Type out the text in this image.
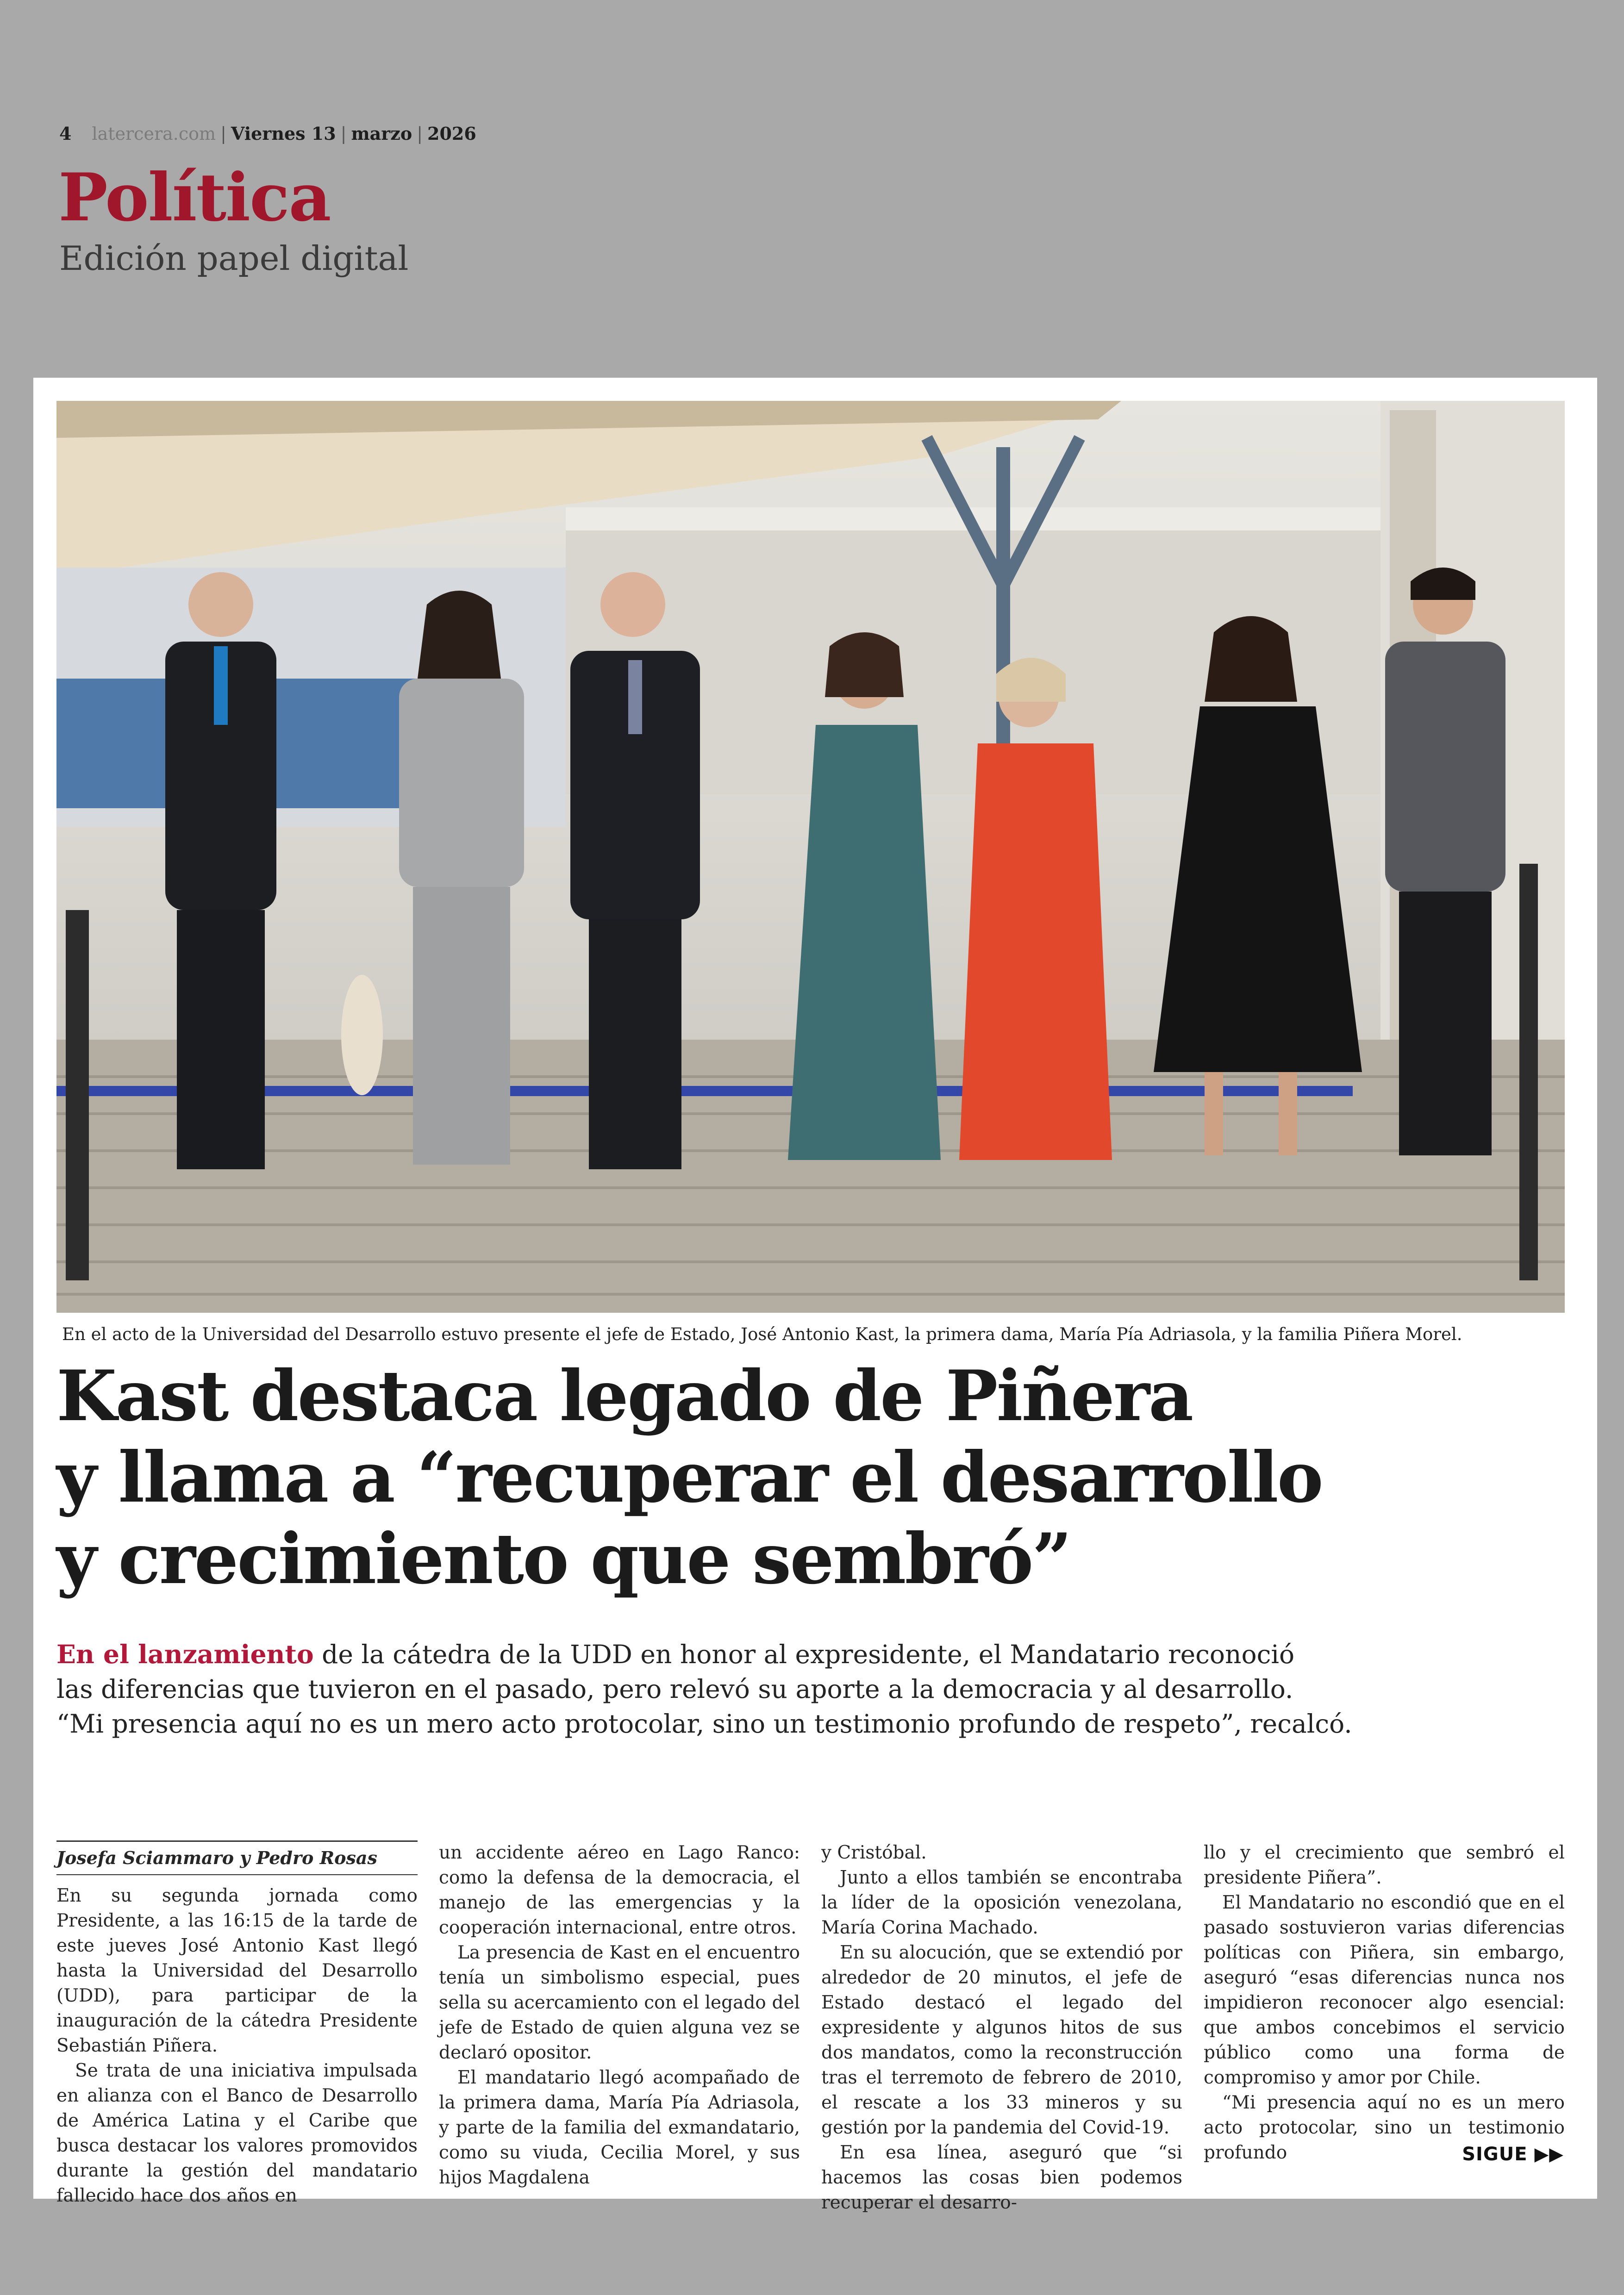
4 latercera.com | Viernes 13 | marzo | 2026
Política
Edición papel digital
En el acto de la Universidad del Desarrollo estuvo presente el jefe de Estado, José Antonio Kast, la primera dama, María Pía Adriasola, y la familia Piñera Morel.
Kast destaca legado de Piñera
y llama a “recuperar el desarrollo
y crecimiento que sembró”
En el lanzamiento de la cátedra de la UDD en honor al expresidente, el Mandatario reconoció
las diferencias que tuvieron en el pasado, pero relevó su aporte a la democracia y al desarrollo.
“Mi presencia aquí no es un mero acto protocolar, sino un testimonio profundo de respeto”, recalcó.
Josefa Sciammaro y Pedro Rosas

En su segunda jornada como Presidente, a las 16:15 de la tarde de este jueves José Antonio Kast llegó hasta la Universidad del Desarrollo (UDD), para participar de la inauguración de la cátedra Presidente Sebastián Piñera.

Se trata de una iniciativa impulsada en alianza con el Banco de Desarrollo de América Latina y el Caribe que busca destacar los valores promovidos durante la gestión del mandatario fallecido hace dos años en

un accidente aéreo en Lago Ranco: como la defensa de la democracia, el manejo de las emergencias y la cooperación internacional, entre otros.

La presencia de Kast en el encuentro tenía un simbolismo especial, pues sella su acercamiento con el legado del jefe de Estado de quien alguna vez se declaró opositor.

El mandatario llegó acompañado de la primera dama, María Pía Adriasola, y parte de la familia del exmandatario, como su viuda, Cecilia Morel, y sus hijos Magdalena

y Cristóbal.

Junto a ellos también se encontraba la líder de la oposición venezolana, María Corina Machado.

En su alocución, que se extendió por alrededor de 20 minutos, el jefe de Estado destacó el legado del expresidente y algunos hitos de sus dos mandatos, como la reconstrucción tras el terremoto de febrero de 2010, el rescate a los 33 mineros y su gestión por la pandemia del Covid-19.

En esa línea, aseguró que “si hacemos las cosas bien podemos recuperar el desarro-

llo y el crecimiento que sembró el presidente Piñera”.

El Mandatario no escondió que en el pasado sostuvieron varias diferencias políticas con Piñera, sin embargo, aseguró “esas diferencias nunca nos impidieron reconocer algo esencial: que ambos concebimos el servicio público como una forma de compromiso y amor por Chile.

“Mi presencia aquí no es un mero acto protocolar, sino un testimonio profundo	SIGUE ▶▶
